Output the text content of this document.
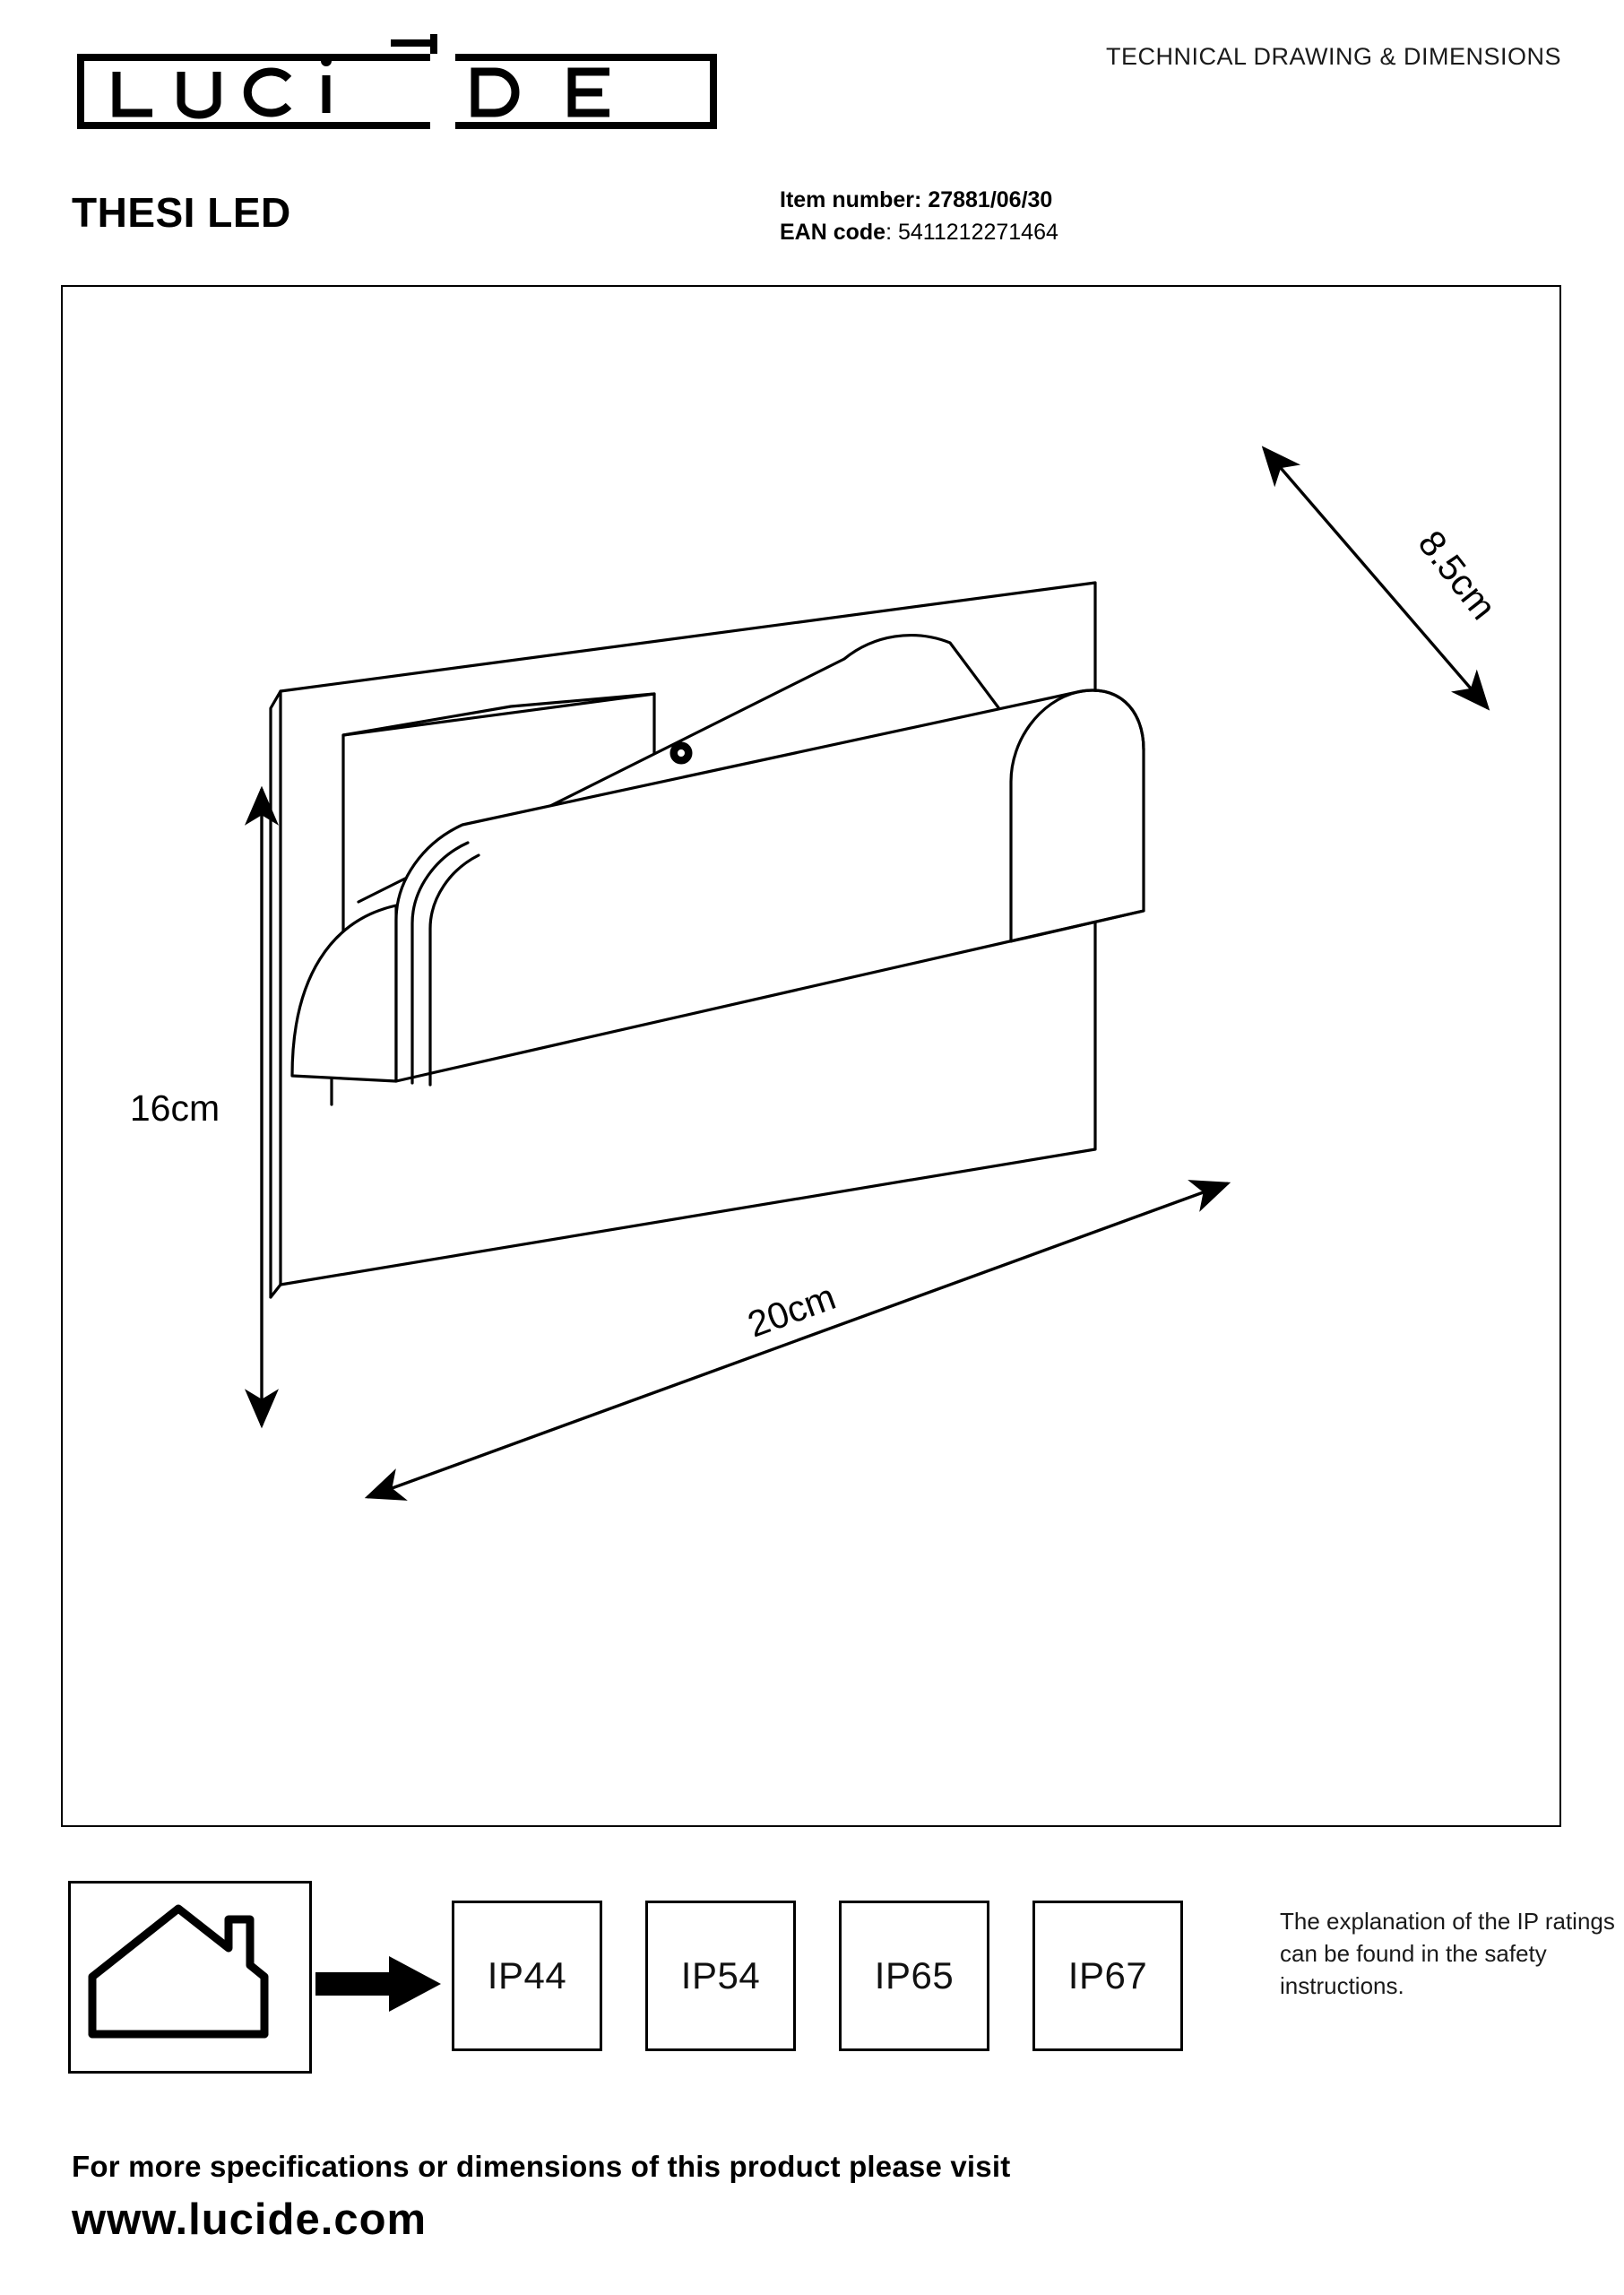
TECHNICAL DRAWING & DIMENSIONS
THESI LED	Item number: 27881/06/30
EAN code: 5411212271464
8.5cm
16cm
20cm
IP44	IP54	IP65	IP67
The explanation of the IP ratings can be found in the safety instructions.
For more specifications or dimensions of this product please visit
www.lucide.com
